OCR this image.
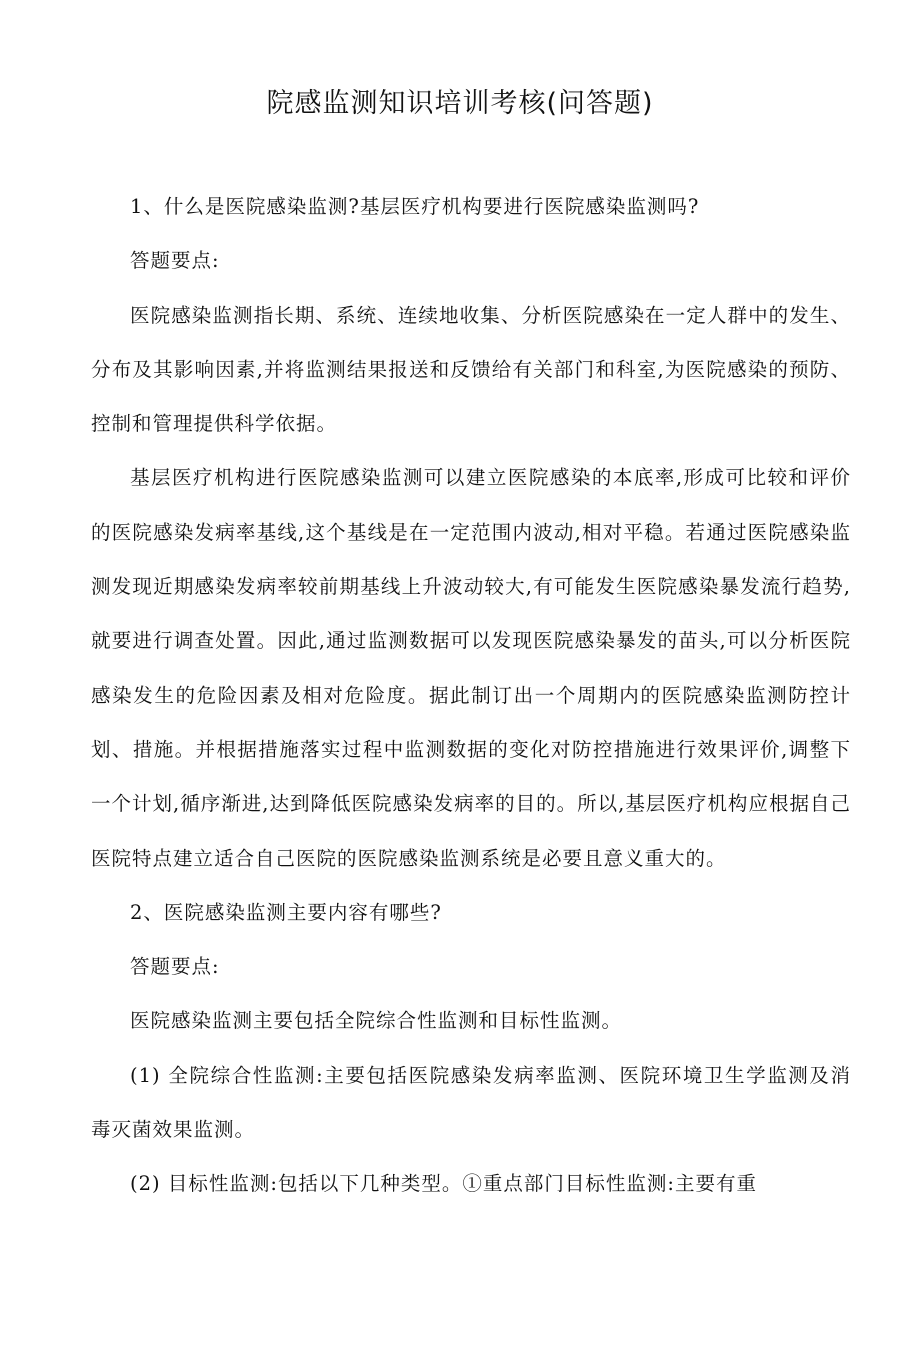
院感监测知识培训考核(问答题)

1、什么是医院感染监测?基层医疗机构要进行医院感染监测吗?

答题要点:

医院感染监测指长期、系统、连续地收集、分析医院感染在一定人群中的发生、分布及其影响因素,并将监测结果报送和反馈给有关部门和科室,为医院感染的预防、控制和管理提供科学依据。

基层医疗机构进行医院感染监测可以建立医院感染的本底率,形成可比较和评价的医院感染发病率基线,这个基线是在一定范围内波动,相对平稳。若通过医院感染监测发现近期感染发病率较前期基线上升波动较大,有可能发生医院感染暴发流行趋势,就要进行调查处置。因此,通过监测数据可以发现医院感染暴发的苗头,可以分析医院感染发生的危险因素及相对危险度。据此制订出一个周期内的医院感染监测防控计划、措施。并根据措施落实过程中监测数据的变化对防控措施进行效果评价,调整下一个计划,循序渐进,达到降低医院感染发病率的目的。所以,基层医疗机构应根据自己医院特点建立适合自己医院的医院感染监测系统是必要且意义重大的。

2、医院感染监测主要内容有哪些?

答题要点:

医院感染监测主要包括全院综合性监测和目标性监测。

(1) 全院综合性监测:主要包括医院感染发病率监测、医院环境卫生学监测及消毒灭菌效果监测。

(2) 目标性监测:包括以下几种类型。①重点部门目标性监测:主要有重
